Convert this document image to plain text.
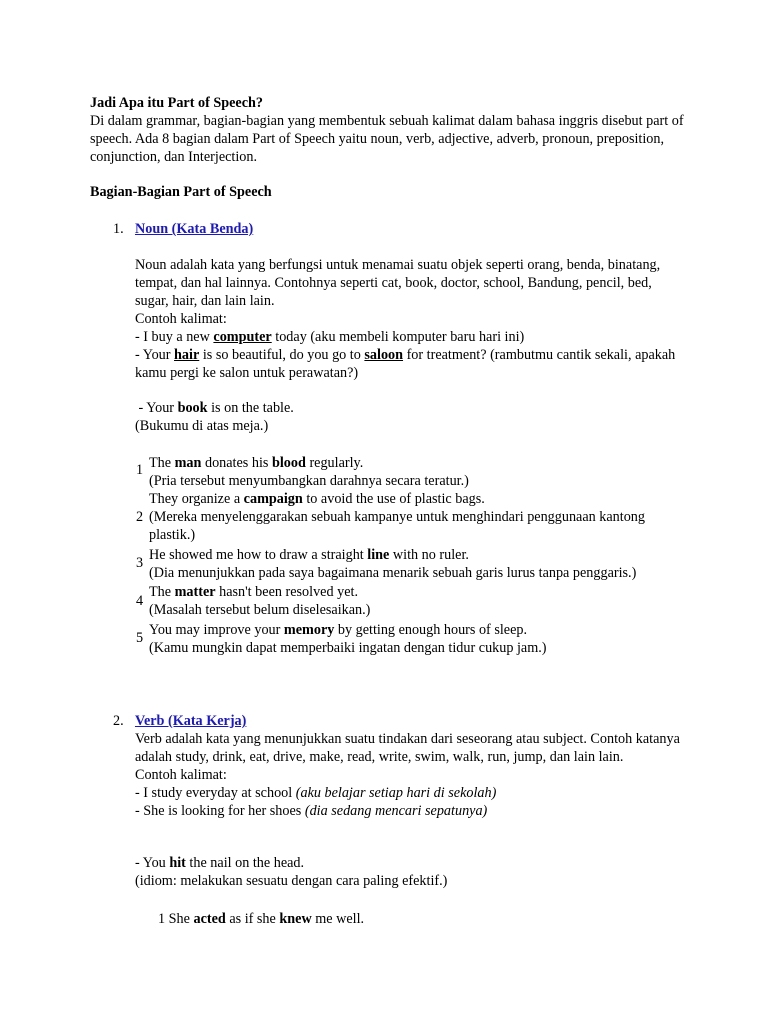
Jadi Apa itu Part of Speech?

Di dalam grammar, bagian-bagian yang membentuk sebuah kalimat dalam bahasa inggris disebut part of speech. Ada 8 bagian dalam Part of Speech yaitu noun, verb, adjective, adverb, pronoun, preposition, conjunction, dan Interjection.

Bagian-Bagian Part of Speech
1. Noun (Kata Benda)

Noun adalah kata yang berfungsi untuk menamai suatu objek seperti orang, benda, binatang, tempat, dan hal lainnya. Contohnya seperti cat, book, doctor, school, Bandung, pencil, bed, sugar, hair, dan lain lain.

Contoh kalimat:

- I buy a new computer today (aku membeli komputer baru hari ini)

- Your hair is so beautiful, do you go to saloon for treatment? (rambutmu cantik sekali, apakah kamu pergi ke salon untuk perawatan?)

- Your book is on the table.

(Bukumu di atas meja.)

1 The man donates his blood regularly.

(Pria tersebut menyumbangkan darahnya secara teratur.)

2

They organize a campaign to avoid the use of plastic bags.

(Mereka menyelenggarakan sebuah kampanye untuk menghindari penggunaan kantong plastik.)

3 He showed me how to draw a straight line with no ruler.

(Dia menunjukkan pada saya bagaimana menarik sebuah garis lurus tanpa penggaris.)

4

The matter hasn't been resolved yet.

(Masalah tersebut belum diselesaikan.)

5 You may improve your memory by getting enough hours of sleep.

(Kamu mungkin dapat memperbaiki ingatan dengan tidur cukup jam.)

2. Verb (Kata Kerja)

Verb adalah kata yang menunjukkan suatu tindakan dari seseorang atau subject. Contoh katanya adalah study, drink, eat, drive, make, read, write, swim, walk, run, jump, dan lain lain.

Contoh kalimat:

- I study everyday at school (aku belajar setiap hari di sekolah)

- She is looking for her shoes (dia sedang mencari sepatunya)

- You hit the nail on the head.

(idiom: melakukan sesuatu dengan cara paling efektif.)

1 She acted as if she knew me well.
